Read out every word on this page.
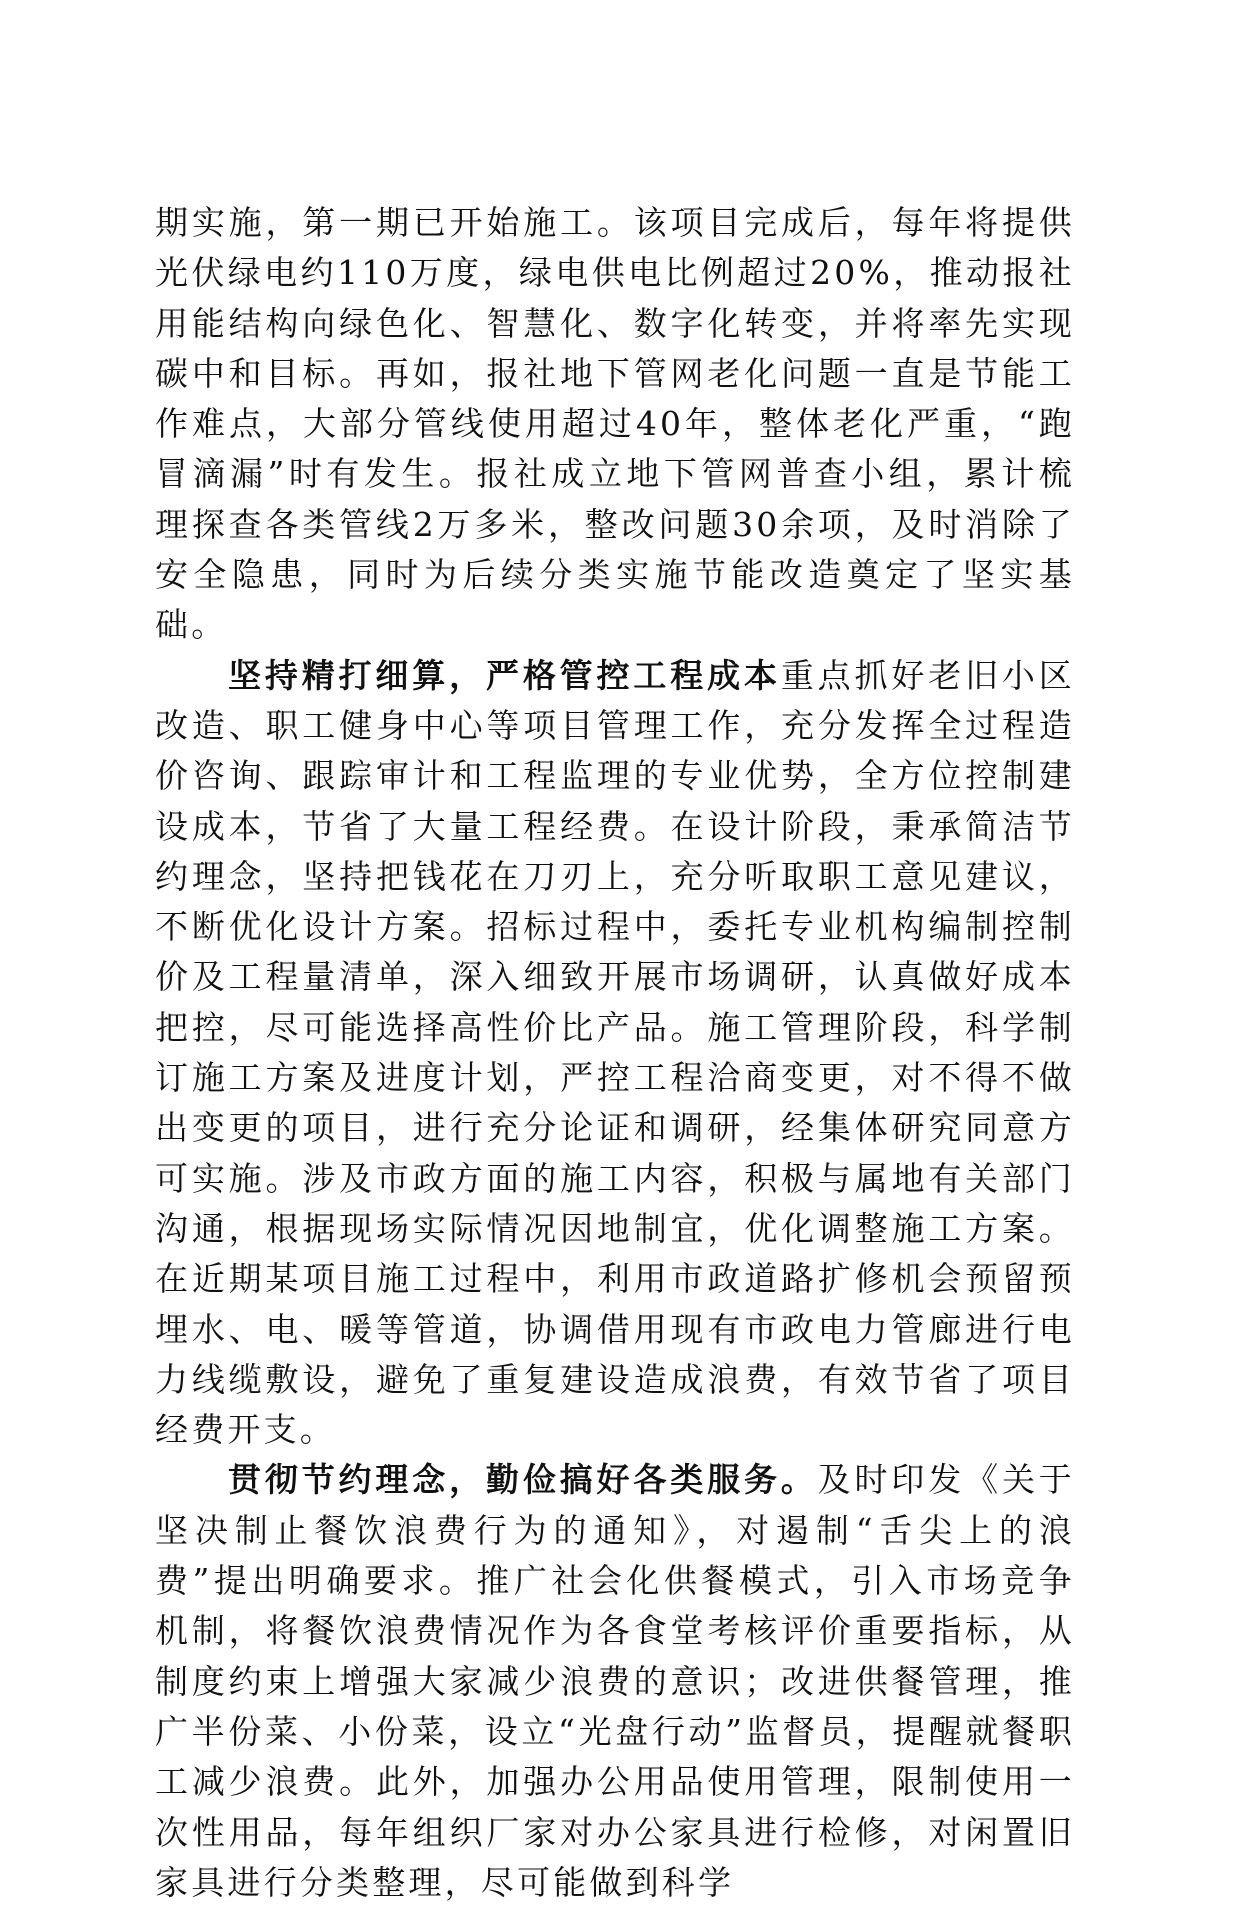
期实施，第一期已开始施工。该项目完成后，每年将提供光伏绿电约110万度，绿电供电比例超过20%，推动报社用能结构向绿色化、智慧化、数字化转变，并将率先实现碳中和目标。再如，报社地下管网老化问题一直是节能工作难点，大部分管线使用超过40年，整体老化严重，“跑冒滴漏”时有发生。报社成立地下管网普查小组，累计梳理探查各类管线2万多米，整改问题30余项，及时消除了安全隐患，同时为后续分类实施节能改造奠定了坚实基础。

坚持精打细算，严格管控工程成本重点抓好老旧小区改造、职工健身中心等项目管理工作，充分发挥全过程造价咨询、跟踪审计和工程监理的专业优势，全方位控制建设成本，节省了大量工程经费。在设计阶段，秉承简洁节约理念，坚持把钱花在刀刃上，充分听取职工意见建议，不断优化设计方案。招标过程中，委托专业机构编制控制价及工程量清单，深入细致开展市场调研，认真做好成本把控，尽可能选择高性价比产品。施工管理阶段，科学制订施工方案及进度计划，严控工程洽商变更，对不得不做出变更的项目，进行充分论证和调研，经集体研究同意方可实施。涉及市政方面的施工内容，积极与属地有关部门沟通，根据现场实际情况因地制宜，优化调整施工方案。在近期某项目施工过程中，利用市政道路扩修机会预留预埋水、电、暖等管道，协调借用现有市政电力管廊进行电力线缆敷设，避免了重复建设造成浪费，有效节省了项目经费开支。

贯彻节约理念，勤俭搞好各类服务。及时印发《关于坚决制止餐饮浪费行为的通知》，对遏制“舌尖上的浪费”提出明确要求。推广社会化供餐模式，引入市场竞争机制，将餐饮浪费情况作为各食堂考核评价重要指标，从制度约束上增强大家减少浪费的意识；改进供餐管理，推广半份菜、小份菜，设立“光盘行动”监督员，提醒就餐职工减少浪费。此外，加强办公用品使用管理，限制使用一次性用品，每年组织厂家对办公家具进行检修，对闲置旧家具进行分类整理，尽可能做到科学
